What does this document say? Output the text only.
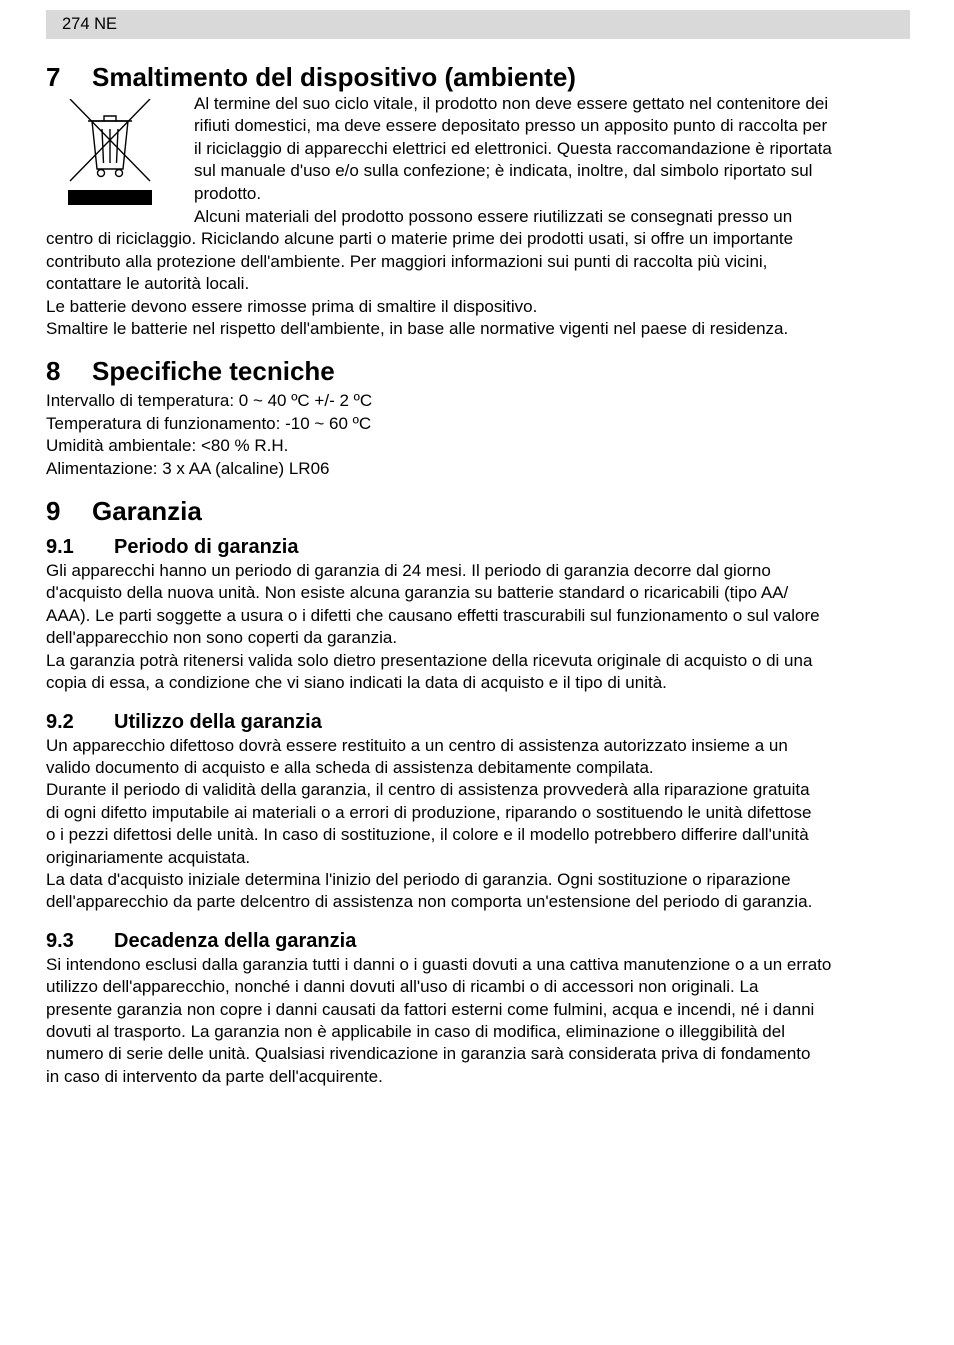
274 NE
7 Smaltimento del dispositivo (ambiente)

Al termine del suo ciclo vitale, il prodotto non deve essere gettato nel contenitore dei

rifiuti domestici, ma deve essere depositato presso un apposito punto di raccolta per

il riciclaggio di apparecchi elettrici ed elettronici. Questa raccomandazione è riportata

sul manuale d'uso e/o sulla confezione; è indicata, inoltre, dal simbolo riportato sul

prodotto.

Alcuni materiali del prodotto possono essere riutilizzati se consegnati presso un

centro di riciclaggio. Riciclando alcune parti o materie prime dei prodotti usati, si offre un importante

contributo alla protezione dell'ambiente. Per maggiori informazioni sui punti di raccolta più vicini,

contattare le autorità locali.

Le batterie devono essere rimosse prima di smaltire il dispositivo.

Smaltire le batterie nel rispetto dell'ambiente, in base alle normative vigenti nel paese di residenza.

8 Specifiche tecniche

Intervallo di temperatura: 0 ~ 40 ºC +/- 2 ºC

Temperatura di funzionamento: -10 ~ 60 ºC

Umidità ambientale: <80 % R.H.

Alimentazione: 3 x AA (alcaline) LR06

9 Garanzia
9.1 Periodo di garanzia

Gli apparecchi hanno un periodo di garanzia di 24 mesi. Il periodo di garanzia decorre dal giorno

d'acquisto della nuova unità. Non esiste alcuna garanzia su batterie standard o ricaricabili (tipo AA/

AAA). Le parti soggette a usura o i difetti che causano effetti trascurabili sul funzionamento o sul valore

dell'apparecchio non sono coperti da garanzia.

La garanzia potrà ritenersi valida solo dietro presentazione della ricevuta originale di acquisto o di una

copia di essa, a condizione che vi siano indicati la data di acquisto e il tipo di unità.

9.2 Utilizzo della garanzia

Un apparecchio difettoso dovrà essere restituito a un centro di assistenza autorizzato insieme a un

valido documento di acquisto e alla scheda di assistenza debitamente compilata.

Durante il periodo di validità della garanzia, il centro di assistenza provvederà alla riparazione gratuita

di ogni difetto imputabile ai materiali o a errori di produzione, riparando o sostituendo le unità difettose

o i pezzi difettosi delle unità. In caso di sostituzione, il colore e il modello potrebbero differire dall'unità

originariamente acquistata.

La data d'acquisto iniziale determina l'inizio del periodo di garanzia. Ogni sostituzione o riparazione

dell'apparecchio da parte delcentro di assistenza non comporta un'estensione del periodo di garanzia.

9.3 Decadenza della garanzia

Si intendono esclusi dalla garanzia tutti i danni o i guasti dovuti a una cattiva manutenzione o a un errato

utilizzo dell'apparecchio, nonché i danni dovuti all'uso di ricambi o di accessori non originali. La

presente garanzia non copre i danni causati da fattori esterni come fulmini, acqua e incendi, né i danni

dovuti al trasporto. La garanzia non è applicabile in caso di modifica, eliminazione o illeggibilità del

numero di serie delle unità. Qualsiasi rivendicazione in garanzia sarà considerata priva di fondamento

in caso di intervento da parte dell'acquirente.
